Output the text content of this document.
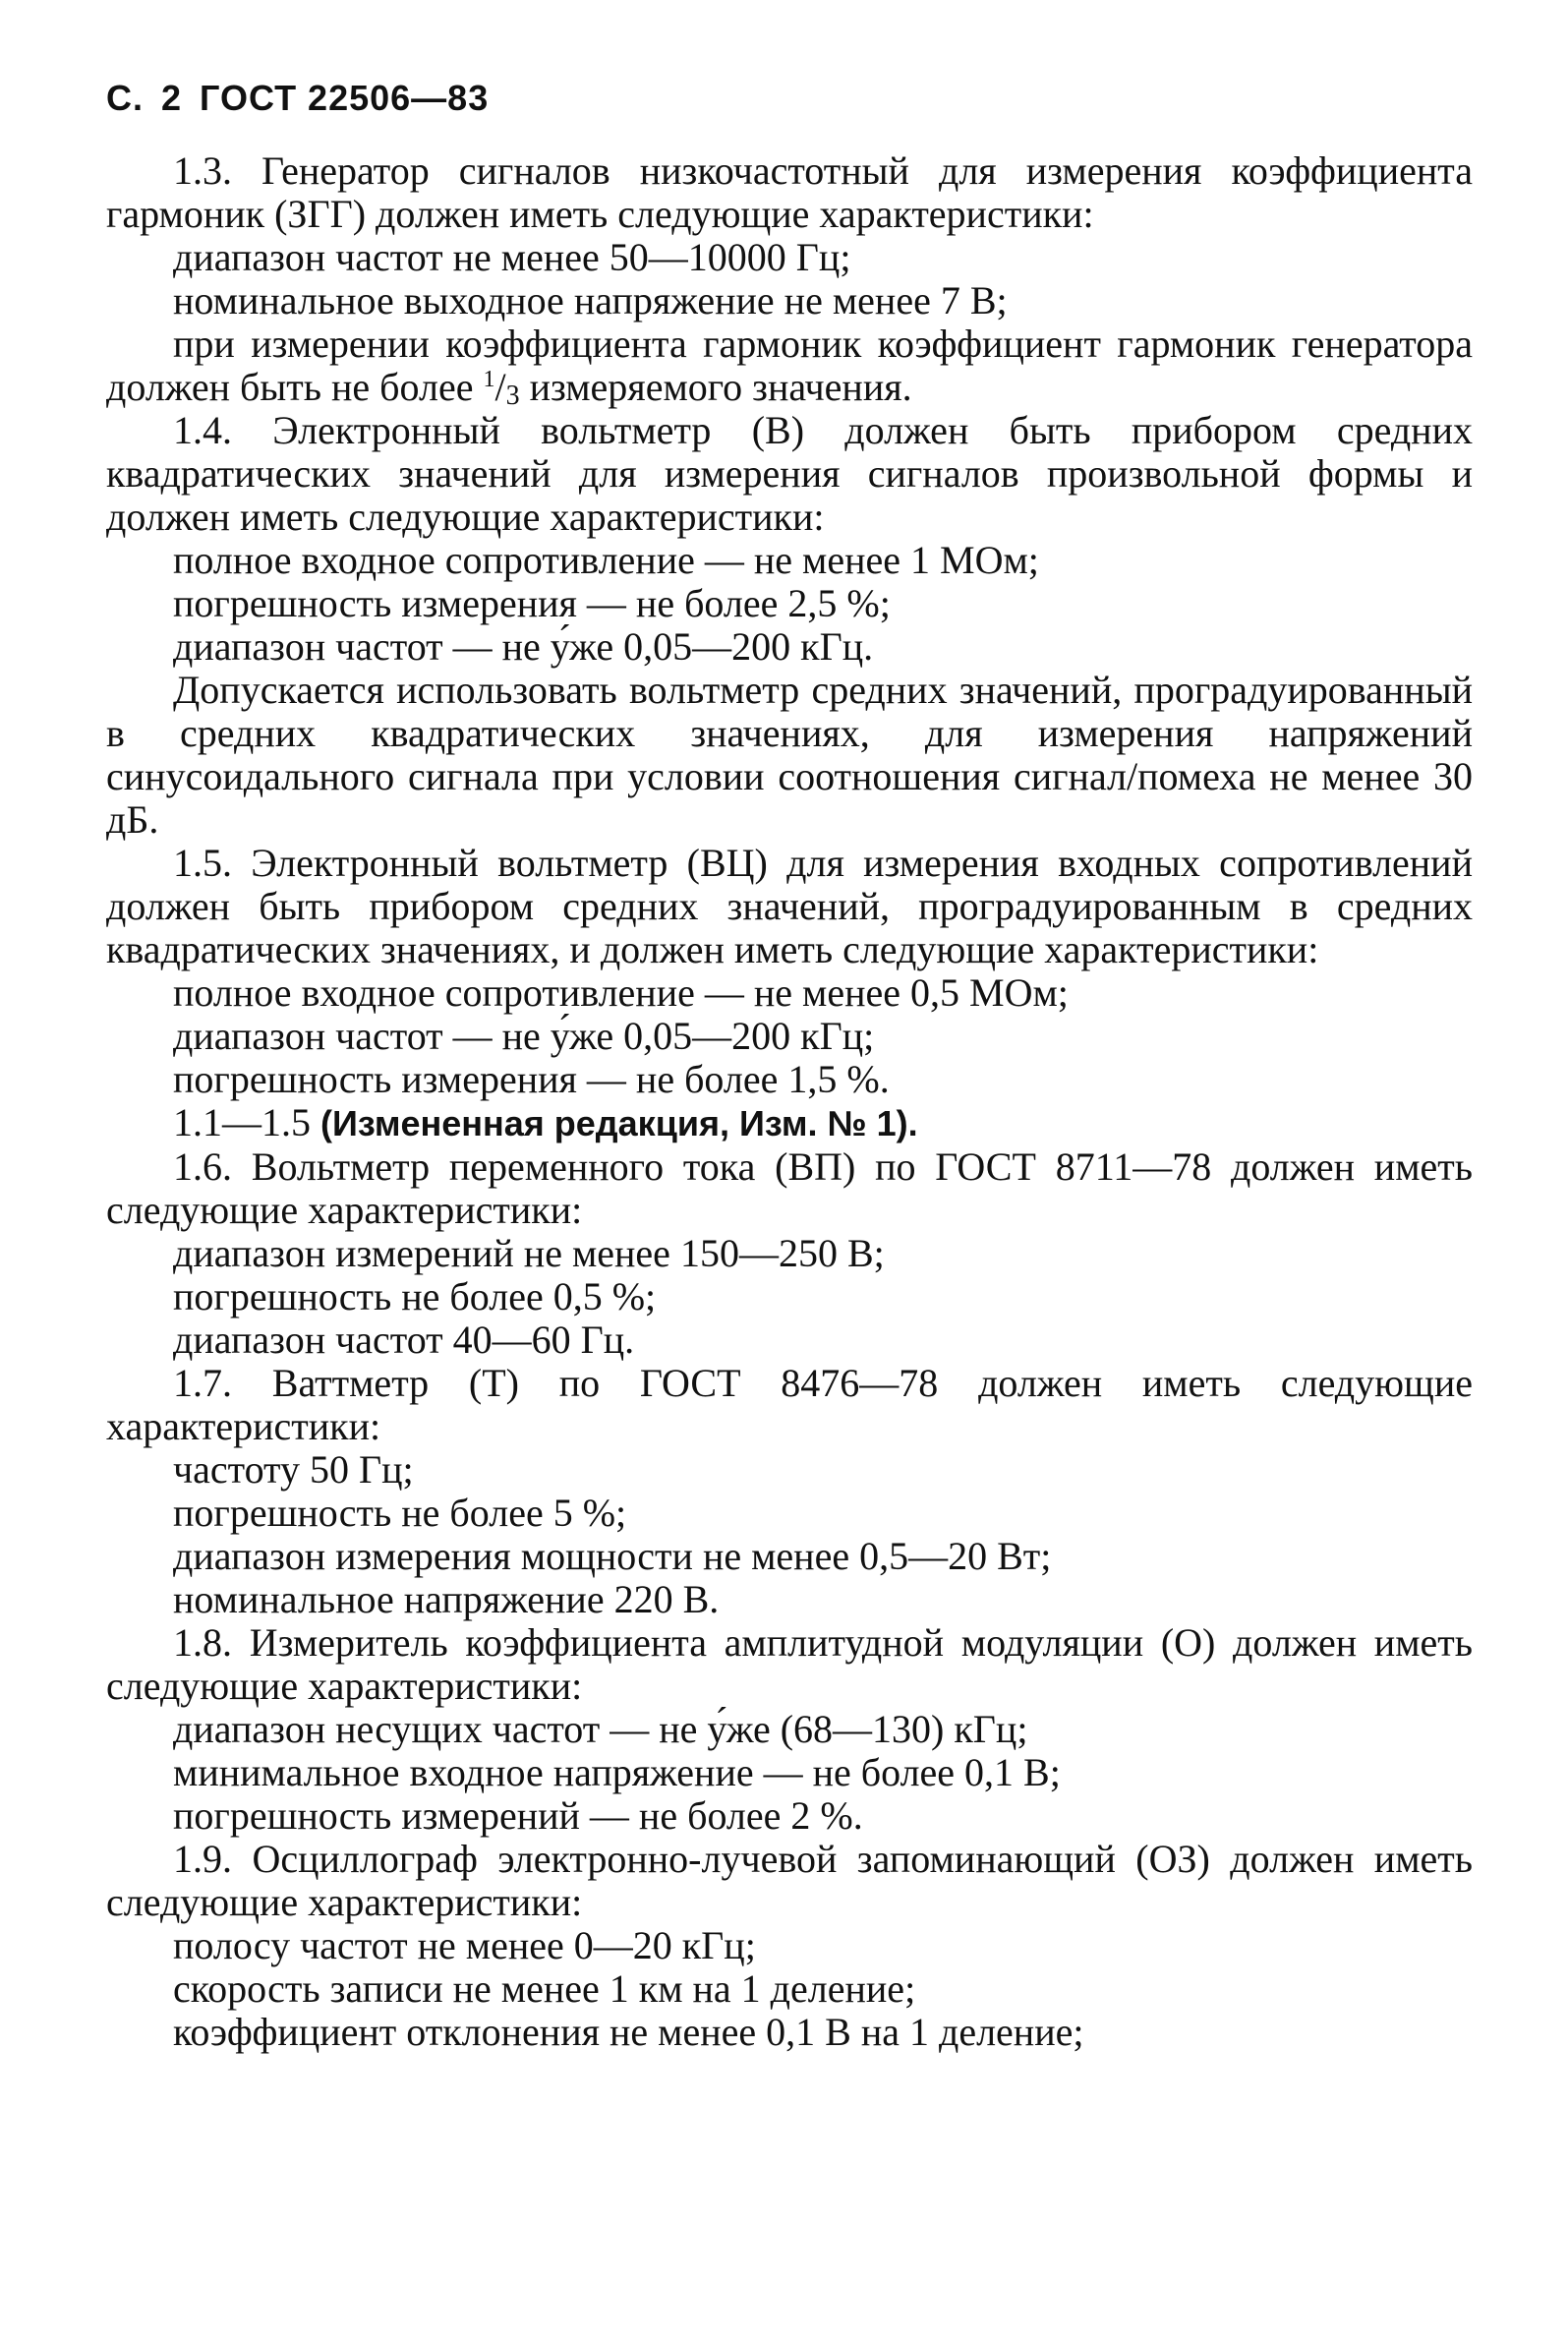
С. 2 ГОСТ 22506—83

1.3. Генератор сигналов низкочастотный для измерения коэффициента гармоник (ЗГГ) должен иметь следующие характеристики:

диапазон частот не менее 50—10000 Гц;

номинальное выходное напряжение не менее 7 В;

при измерении коэффициента гармоник коэффициент гармоник генератора должен быть не более $^1$/3 измеряемого значения.

1.4. Электронный вольтметр (В) должен быть прибором средних квадратических значений для измерения сигналов произвольной формы и должен иметь следующие характеристики:

полное входное сопротивление — не менее 1 МОм;

погрешность измерения — не более 2,5 %;

диапазон частот — не у́же 0,05—200 кГц.

Допускается использовать вольтметр средних значений, проградуированный в средних квадратических значениях, для измерения напряжений синусоидального сигнала при условии соотношения сигнал/помеха не менее 30 дБ.

1.5. Электронный вольтметр (ВЦ) для измерения входных сопротивлений должен быть прибором средних значений, проградуированным в средних квадратических значениях, и должен иметь следующие характеристики:

полное входное сопротивление — не менее 0,5 МОм;

диапазон частот — не у́же 0,05—200 кГц;

погрешность измерения — не более 1,5 %.

1.1—1.5 (Измененная редакция, Изм. № 1).

1.6. Вольтметр переменного тока (ВП) по ГОСТ 8711—78 должен иметь следующие характеристики:

диапазон измерений не менее 150—250 В;

погрешность не более 0,5 %;

диапазон частот 40—60 Гц.

1.7. Ваттметр (Т) по ГОСТ 8476—78 должен иметь следующие характеристики:

частоту 50 Гц;

погрешность не более 5 %;

диапазон измерения мощности не менее 0,5—20 Вт;

номинальное напряжение 220 В.

1.8. Измеритель коэффициента амплитудной модуляции (О) должен иметь следующие характеристики:

диапазон несущих частот — не у́же (68—130) кГц;

минимальное входное напряжение — не более 0,1 В;

погрешность измерений — не более 2 %.

1.9. Осциллограф электронно-лучевой запоминающий (ОЗ) должен иметь следующие характеристики:

полосу частот не менее 0—20 кГц;

скорость записи не менее 1 км на 1 деление;

коэффициент отклонения не менее 0,1 В на 1 деление;
